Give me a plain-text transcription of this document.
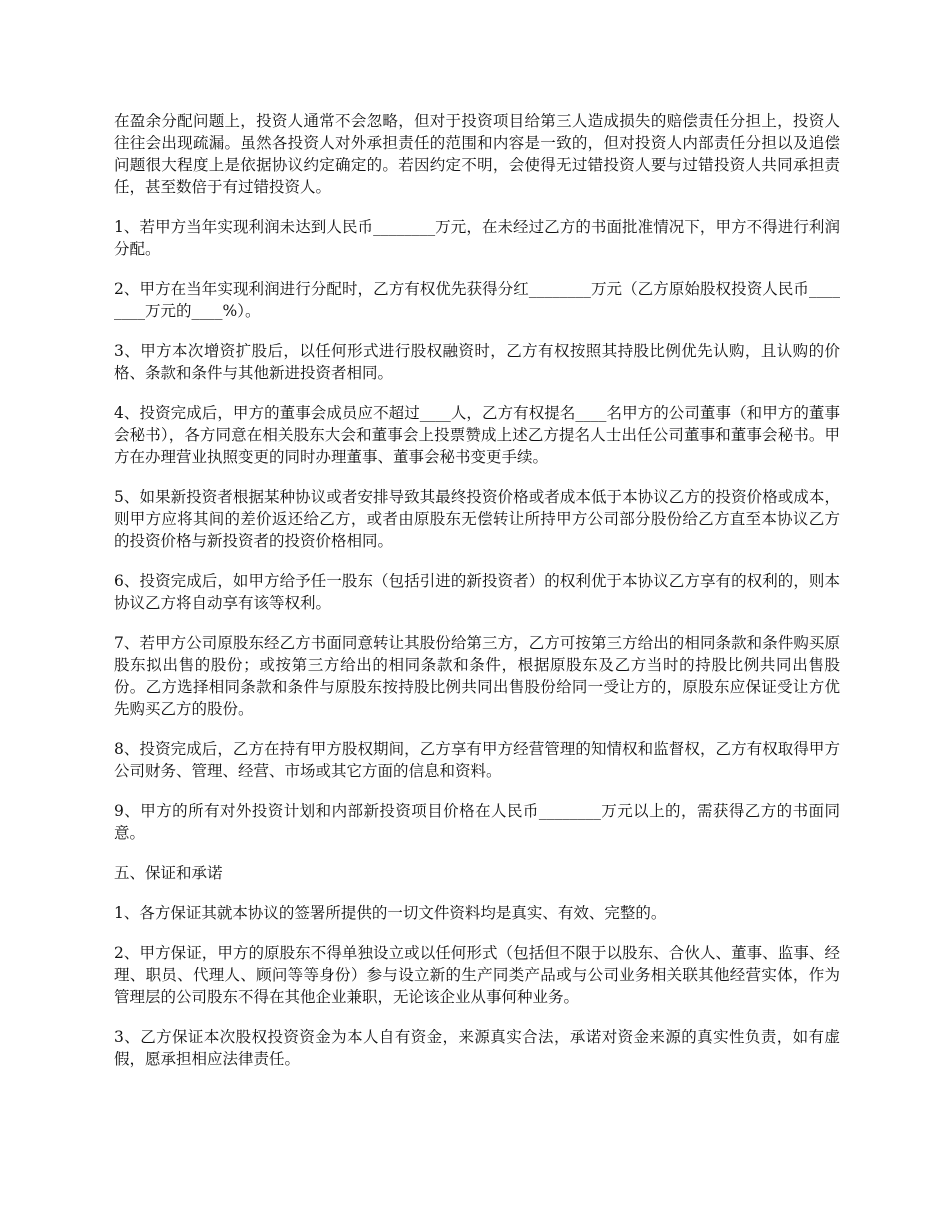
在盈余分配问题上，投资人通常不会忽略，但对于投资项目给第三人造成损失的赔偿责任分担上，投资人往往会出现疏漏。虽然各投资人对外承担责任的范围和内容是一致的，但对投资人内部责任分担以及追偿问题很大程度上是依据协议约定确定的。若因约定不明，会使得无过错投资人要与过错投资人共同承担责任，甚至数倍于有过错投资人。

1、若甲方当年实现利润未达到人民币________万元，在未经过乙方的书面批准情况下，甲方不得进行利润分配。

2、甲方在当年实现利润进行分配时，乙方有权优先获得分红________万元（乙方原始股权投资人民币________万元的____%）。

3、甲方本次增资扩股后，以任何形式进行股权融资时，乙方有权按照其持股比例优先认购，且认购的价格、条款和条件与其他新进投资者相同。

4、投资完成后，甲方的董事会成员应不超过____人，乙方有权提名____名甲方的公司董事（和甲方的董事会秘书），各方同意在相关股东大会和董事会上投票赞成上述乙方提名人士出任公司董事和董事会秘书。甲方在办理营业执照变更的同时办理董事、董事会秘书变更手续。

5、如果新投资者根据某种协议或者安排导致其最终投资价格或者成本低于本协议乙方的投资价格或成本，则甲方应将其间的差价返还给乙方，或者由原股东无偿转让所持甲方公司部分股份给乙方直至本协议乙方的投资价格与新投资者的投资价格相同。

6、投资完成后，如甲方给予任一股东（包括引进的新投资者）的权利优于本协议乙方享有的权利的，则本协议乙方将自动享有该等权利。

7、若甲方公司原股东经乙方书面同意转让其股份给第三方，乙方可按第三方给出的相同条款和条件购买原股东拟出售的股份；或按第三方给出的相同条款和条件，根据原股东及乙方当时的持股比例共同出售股份。乙方选择相同条款和条件与原股东按持股比例共同出售股份给同一受让方的，原股东应保证受让方优先购买乙方的股份。

8、投资完成后，乙方在持有甲方股权期间，乙方享有甲方经营管理的知情权和监督权，乙方有权取得甲方公司财务、管理、经营、市场或其它方面的信息和资料。

9、甲方的所有对外投资计划和内部新投资项目价格在人民币________万元以上的，需获得乙方的书面同意。

五、保证和承诺

1、各方保证其就本协议的签署所提供的一切文件资料均是真实、有效、完整的。

2、甲方保证，甲方的原股东不得单独设立或以任何形式（包括但不限于以股东、合伙人、董事、监事、经理、职员、代理人、顾问等等身份）参与设立新的生产同类产品或与公司业务相关联其他经营实体，作为管理层的公司股东不得在其他企业兼职，无论该企业从事何种业务。

3、乙方保证本次股权投资资金为本人自有资金，来源真实合法，承诺对资金来源的真实性负责，如有虚假，愿承担相应法律责任。
